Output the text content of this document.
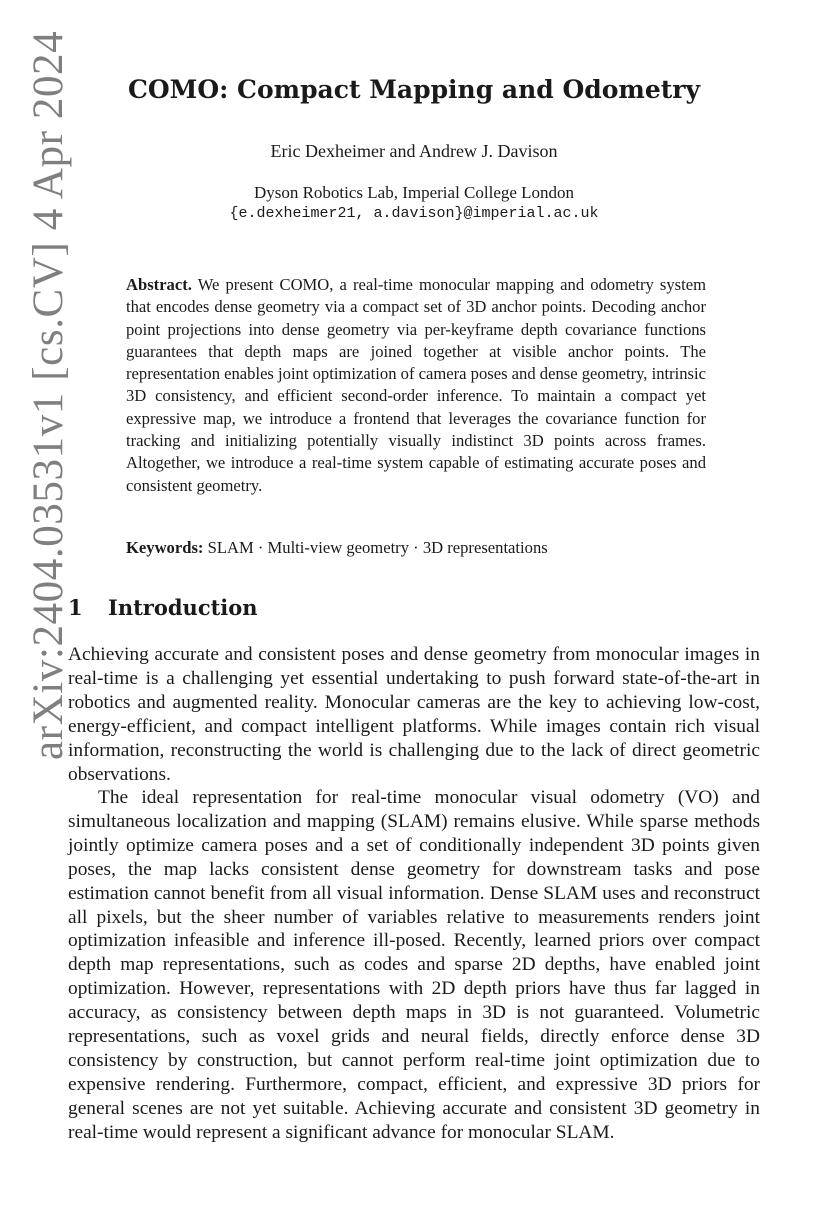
arXiv:2404.03531v1 [cs.CV] 4 Apr 2024	COMO: Compact Mapping and Odometry
Eric Dexheimer and Andrew J. Davison
Dyson Robotics Lab, Imperial College London
{e.dexheimer21, a.davison}@imperial.ac.uk

Abstract. We present COMO, a real-time monocular mapping and odometry system that encodes dense geometry via a compact set of 3D anchor points. Decoding anchor point projections into dense geometry via per-keyframe depth covariance functions guarantees that depth maps are joined together at visible anchor points. The representation enables joint optimization of camera poses and dense geometry, intrinsic 3D consistency, and efficient second-order inference. To maintain a compact yet expressive map, we introduce a frontend that leverages the covariance function for tracking and initializing potentially visually indistinct 3D points across frames. Altogether, we introduce a real-time system capable of estimating accurate poses and consistent geometry.

Keywords: SLAM · Multi-view geometry · 3D representations

1 Introduction

Achieving accurate and consistent poses and dense geometry from monocular images in real-time is a challenging yet essential undertaking to push forward state-of-the-art in robotics and augmented reality. Monocular cameras are the key to achieving low-cost, energy-efficient, and compact intelligent platforms. While images contain rich visual information, reconstructing the world is challenging due to the lack of direct geometric observations.

The ideal representation for real-time monocular visual odometry (VO) and simultaneous localization and mapping (SLAM) remains elusive. While sparse methods jointly optimize camera poses and a set of conditionally independent 3D points given poses, the map lacks consistent dense geometry for downstream tasks and pose estimation cannot benefit from all visual information. Dense SLAM uses and reconstruct all pixels, but the sheer number of variables relative to measurements renders joint optimization infeasible and inference ill-posed. Recently, learned priors over compact depth map representations, such as codes and sparse 2D depths, have enabled joint optimization. However, representations with 2D depth priors have thus far lagged in accuracy, as consistency between depth maps in 3D is not guaranteed. Volumetric representations, such as voxel grids and neural fields, directly enforce dense 3D consistency by construction, but cannot perform real-time joint optimization due to expensive rendering. Furthermore, compact, efficient, and expressive 3D priors for general scenes are not yet suitable. Achieving accurate and consistent 3D geometry in real-time would represent a significant advance for monocular SLAM.
